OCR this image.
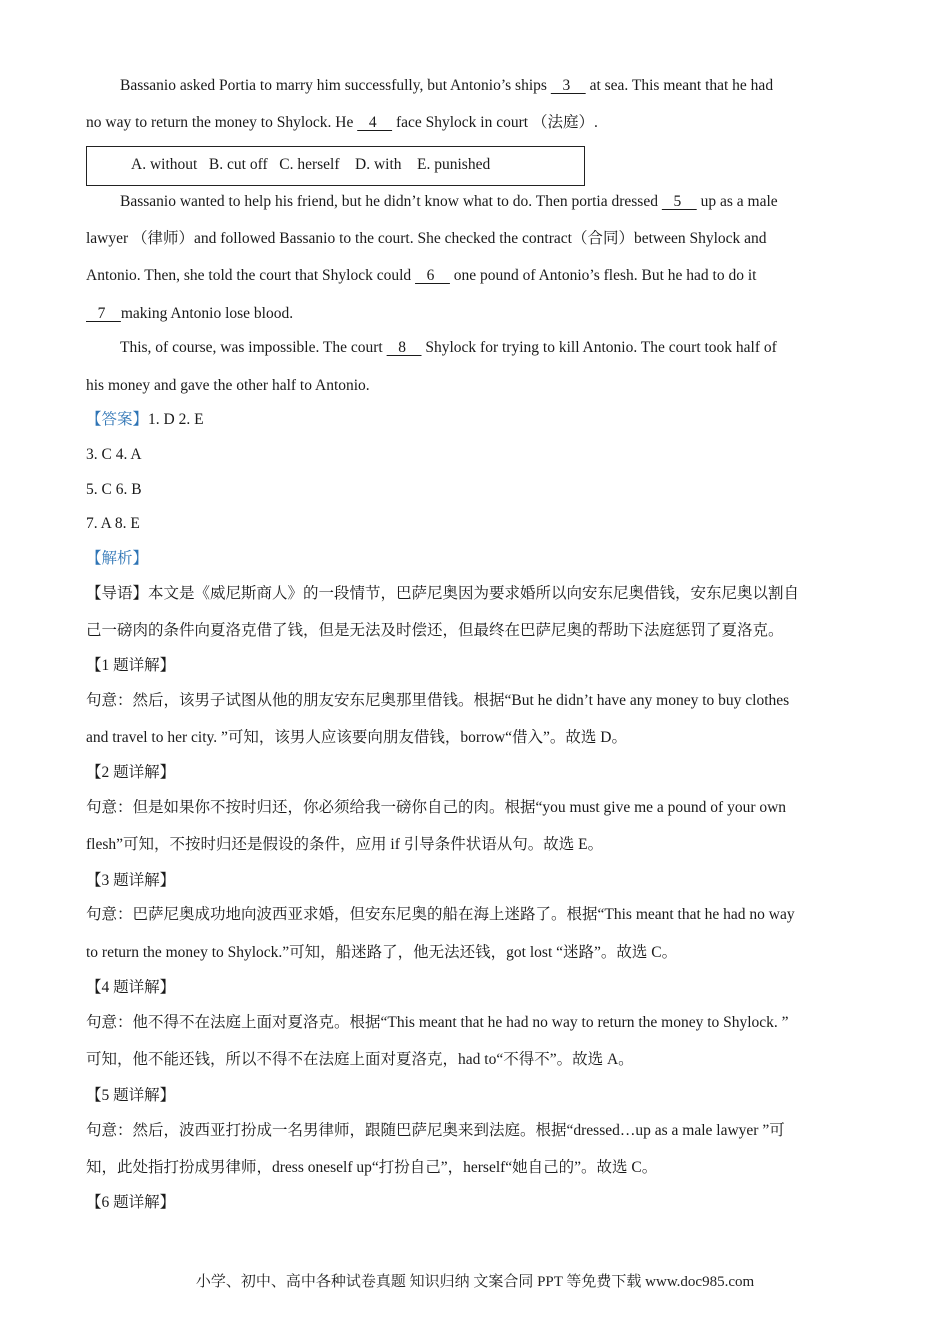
Bassanio asked Portia to marry him successfully, but Antonio’s ships    3     at sea. This meant that he had
no way to return the money to Shylock. He    4     face Shylock in court （法庭）.
A. without   B. cut off   C. herself    D. with    E. punished
Bassanio wanted to help his friend, but he didn’t know what to do. Then portia dressed    5     up as a male
lawyer （律师）and followed Bassanio to the court. She checked the contract（合同）between Shylock and
Antonio. Then, she told the court that Shylock could    6     one pound of Antonio’s flesh. But he had to do it
7    making Antonio lose blood.
This, of course, was impossible. The court    8     Shylock for trying to kill Antonio. The court took half of
his money and gave the other half to Antonio.
【答案】1. D 2. E
3. C 4. A
5. C 6. B
7. A 8. E
【解析】
【导语】本文是《威尼斯商人》的一段情节，巴萨尼奥因为要求婚所以向安东尼奥借钱，安东尼奥以割自
己一磅肉的条件向夏洛克借了钱，但是无法及时偿还，但最终在巴萨尼奥的帮助下法庭惩罚了夏洛克。
【1 题详解】
句意：然后，该男子试图从他的朋友安东尼奥那里借钱。根据“But he didn’t have any money to buy clothes
and travel to her city. ”可知，该男人应该要向朋友借钱，borrow“借入”。故选 D。
【2 题详解】
句意：但是如果你不按时归还，你必须给我一磅你自己的肉。根据“you must give me a pound of your own
flesh”可知，不按时归还是假设的条件，应用 if 引导条件状语从句。故选 E。
【3 题详解】
句意：巴萨尼奥成功地向波西亚求婚，但安东尼奥的船在海上迷路了。根据“This meant that he had no way
to return the money to Shylock.”可知，船迷路了，他无法还钱，got lost “迷路”。故选 C。
【4 题详解】
句意：他不得不在法庭上面对夏洛克。根据“This meant that he had no way to return the money to Shylock. ”
可知，他不能还钱，所以不得不在法庭上面对夏洛克，had to“不得不”。故选 A。
【5 题详解】
句意：然后，波西亚打扮成一名男律师，跟随巴萨尼奥来到法庭。根据“dressed…up as a male lawyer ”可
知，此处指打扮成男律师，dress oneself up“打扮自己”，herself“她自己的”。故选 C。
【6 题详解】
小学、初中、高中各种试卷真题 知识归纳 文案合同 PPT 等免费下载 www.doc985.com
